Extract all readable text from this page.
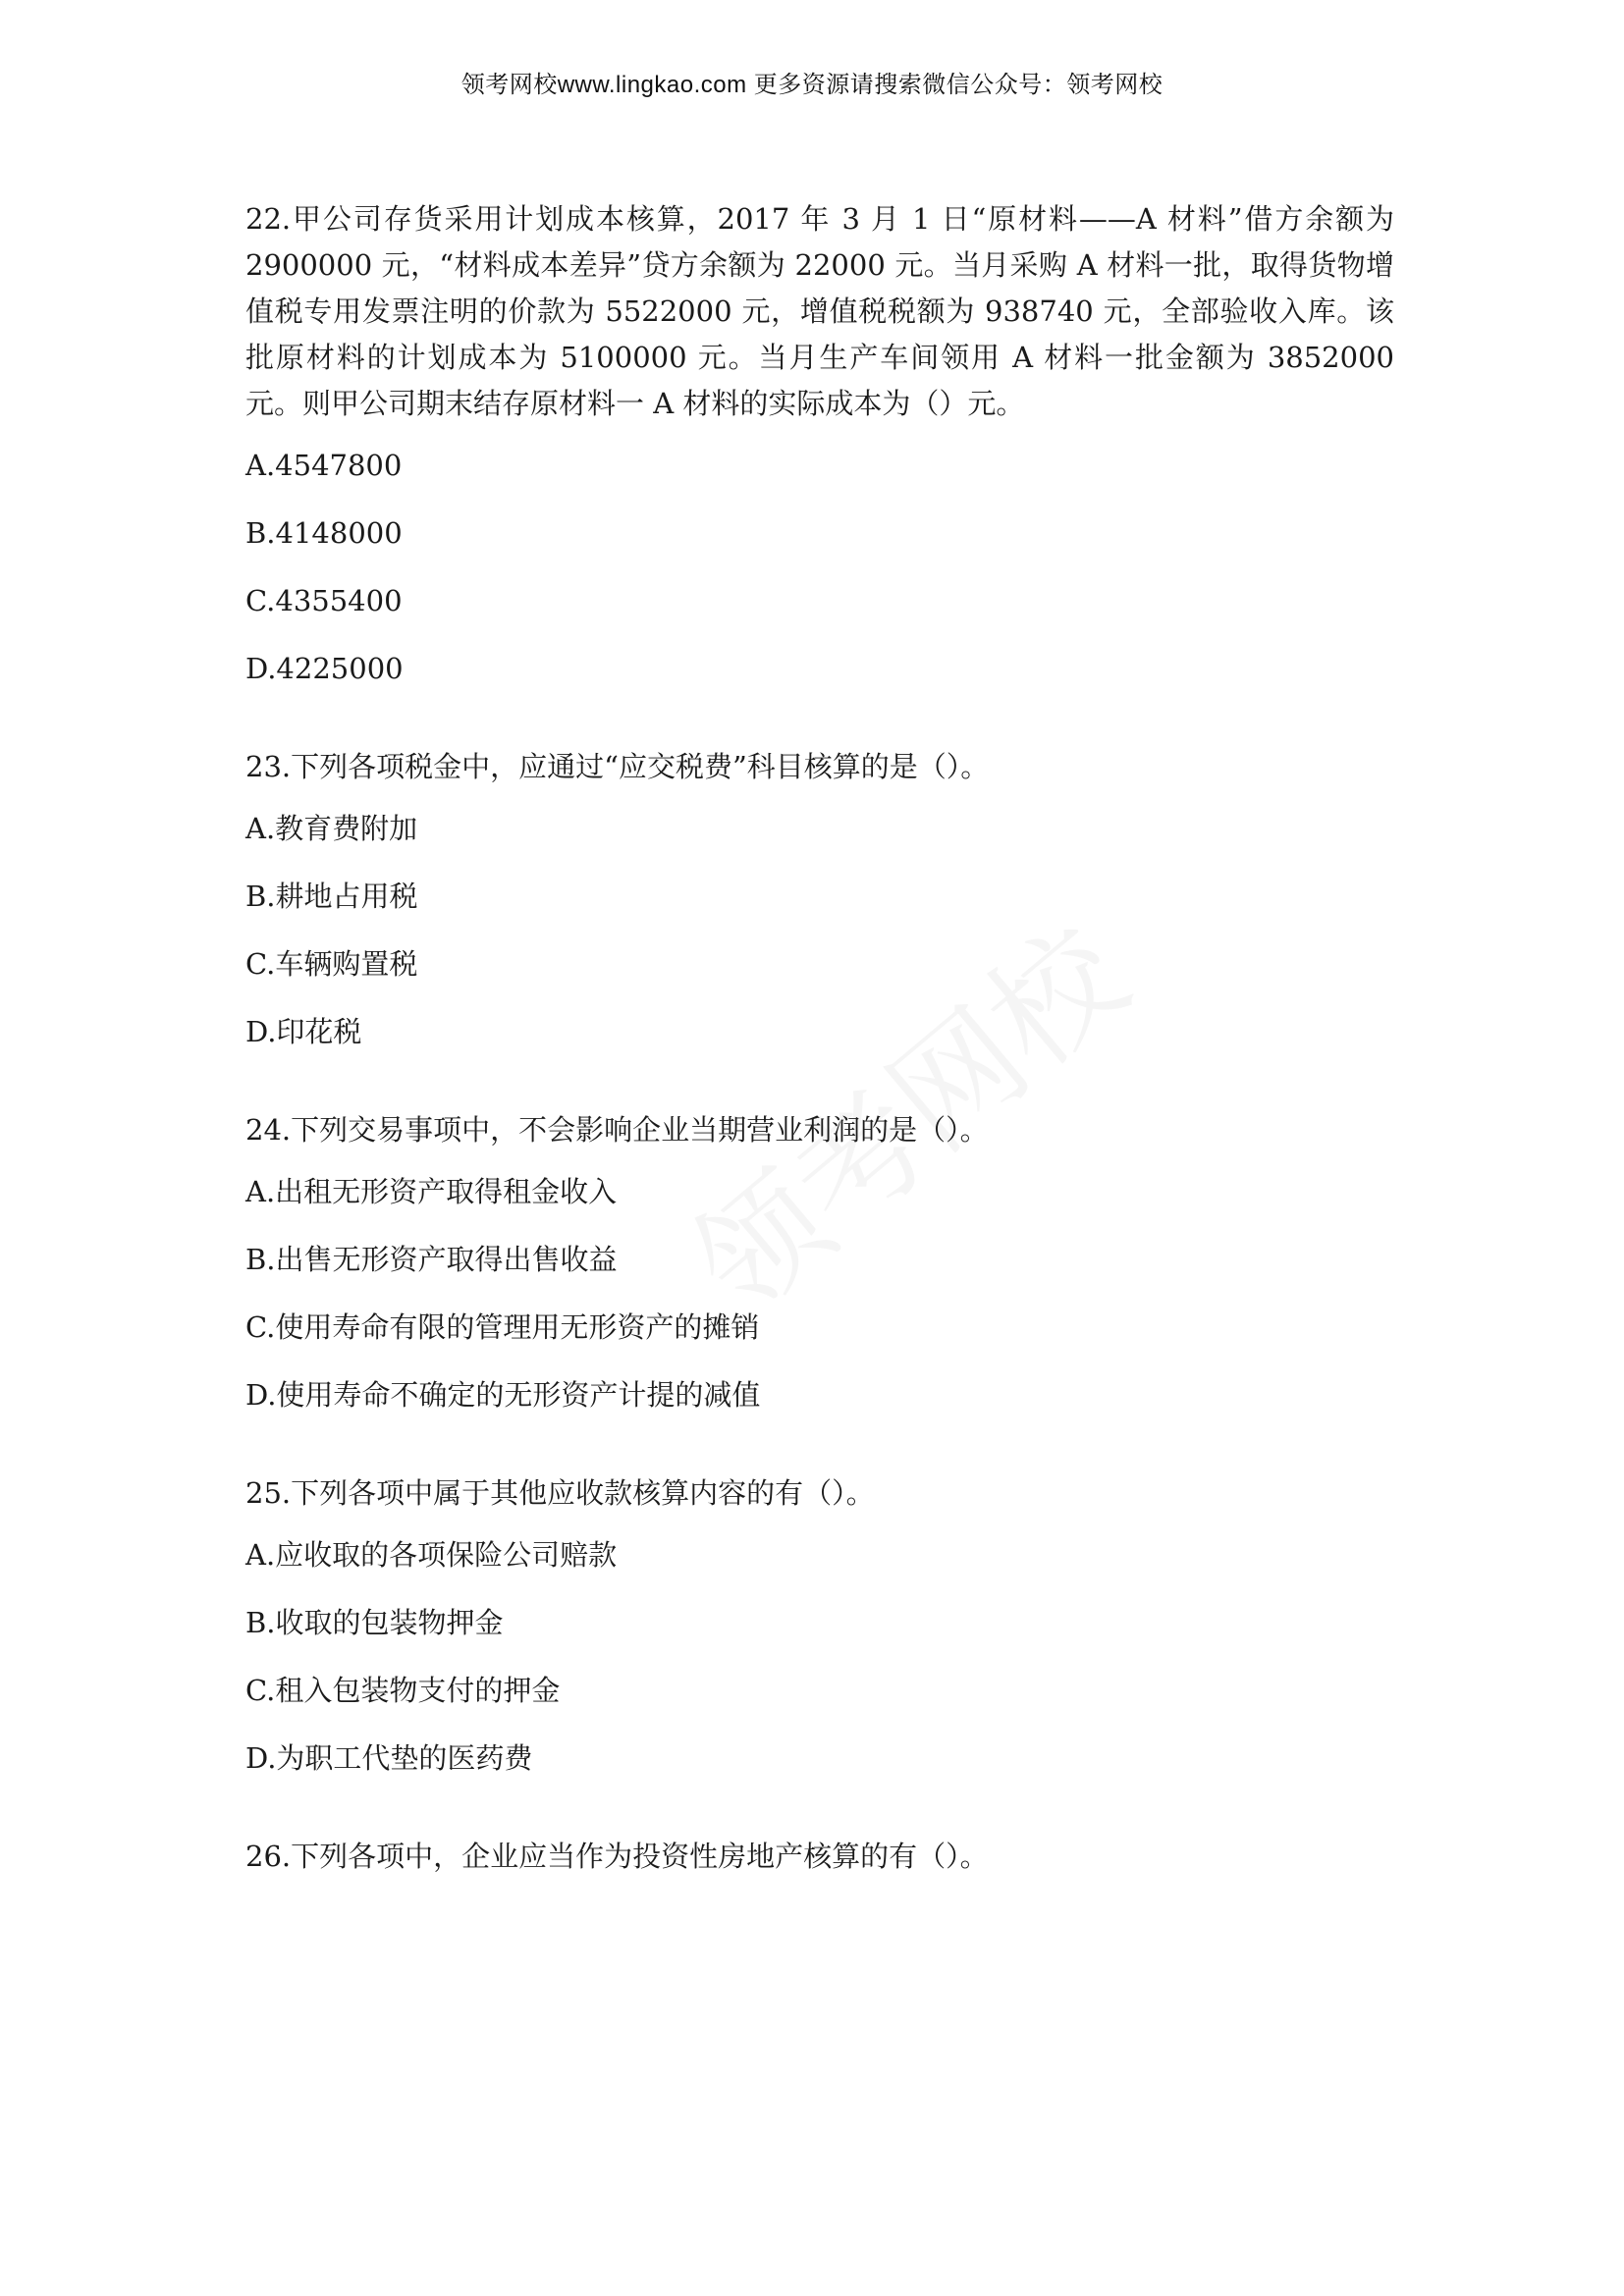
领考网校www.lingkao.com 更多资源请搜索微信公众号：领考网校

22.甲公司存货采用计划成本核算，2017 年 3 月 1 日“原材料——A 材料”借方余额为 2900000 元，“材料成本差异”贷方余额为 22000 元。当月采购 A 材料一批，取得货物增值税专用发票注明的价款为 5522000 元，增值税税额为 938740 元，全部验收入库。该批原材料的计划成本为 5100000 元。当月生产车间领用 A 材料一批金额为 3852000 元。则甲公司期末结存原材料一 A 材料的实际成本为（）元。

A.4547800

B.4148000

C.4355400

D.4225000

23.下列各项税金中，应通过“应交税费”科目核算的是（）。

A.教育费附加

B.耕地占用税

C.车辆购置税

D.印花税

24.下列交易事项中，不会影响企业当期营业利润的是（）。

A.出租无形资产取得租金收入

B.出售无形资产取得出售收益

C.使用寿命有限的管理用无形资产的摊销

D.使用寿命不确定的无形资产计提的减值

25.下列各项中属于其他应收款核算内容的有（）。

A.应收取的各项保险公司赔款

B.收取的包装物押金

C.租入包装物支付的押金

D.为职工代垫的医药费

26.下列各项中，企业应当作为投资性房地产核算的有（）。
